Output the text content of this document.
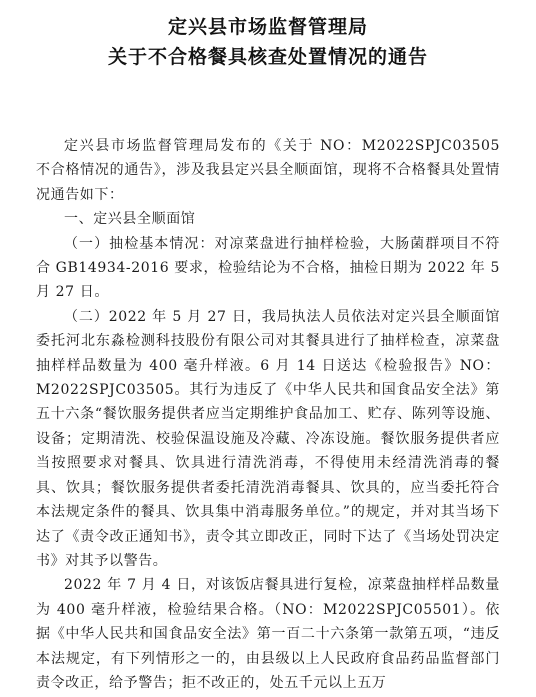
定兴县市场监督管理局
关于不合格餐具核查处置情况的通告

定兴县市场监督管理局发布的《关于 NO：M2022SPJC03505 不合格情况的通告》，涉及我县定兴县全顺面馆，现将不合格餐具处置情况通告如下：

一、定兴县全顺面馆

（一）抽检基本情况：对凉菜盘进行抽样检验，大肠菌群项目不符合 GB14934-2016 要求，检验结论为不合格，抽检日期为 2022 年 5 月 27 日。

（二）2022 年 5 月 27 日，我局执法人员依法对定兴县全顺面馆委托河北东淼检测科技股份有限公司对其餐具进行了抽样检查，凉菜盘抽样样品数量为 400 毫升样液。6 月 14 日送达《检验报告》NO：M2022SPJC03505。其行为违反了《中华人民共和国食品安全法》第五十六条“餐饮服务提供者应当定期维护食品加工、贮存、陈列等设施、设备；定期清洗、校验保温设施及冷藏、冷冻设施。餐饮服务提供者应当按照要求对餐具、饮具进行清洗消毒，不得使用未经清洗消毒的餐具、饮具；餐饮服务提供者委托清洗消毒餐具、饮具的，应当委托符合本法规定条件的餐具、饮具集中消毒服务单位。”的规定，并对其当场下达了《责令改正通知书》，责令其立即改正，同时下达了《当场处罚决定书》对其予以警告。

2022 年 7 月 4 日，对该饭店餐具进行复检，凉菜盘抽样样品数量为 400 毫升样液，检验结果合格。（NO：M2022SPJC05501）。依据《中华人民共和国食品安全法》第一百二十六条第一款第五项，“违反本法规定，有下列情形之一的，由县级以上人民政府食品药品监督部门责令改正，给予警告；拒不改正的，处五千元以上五万
